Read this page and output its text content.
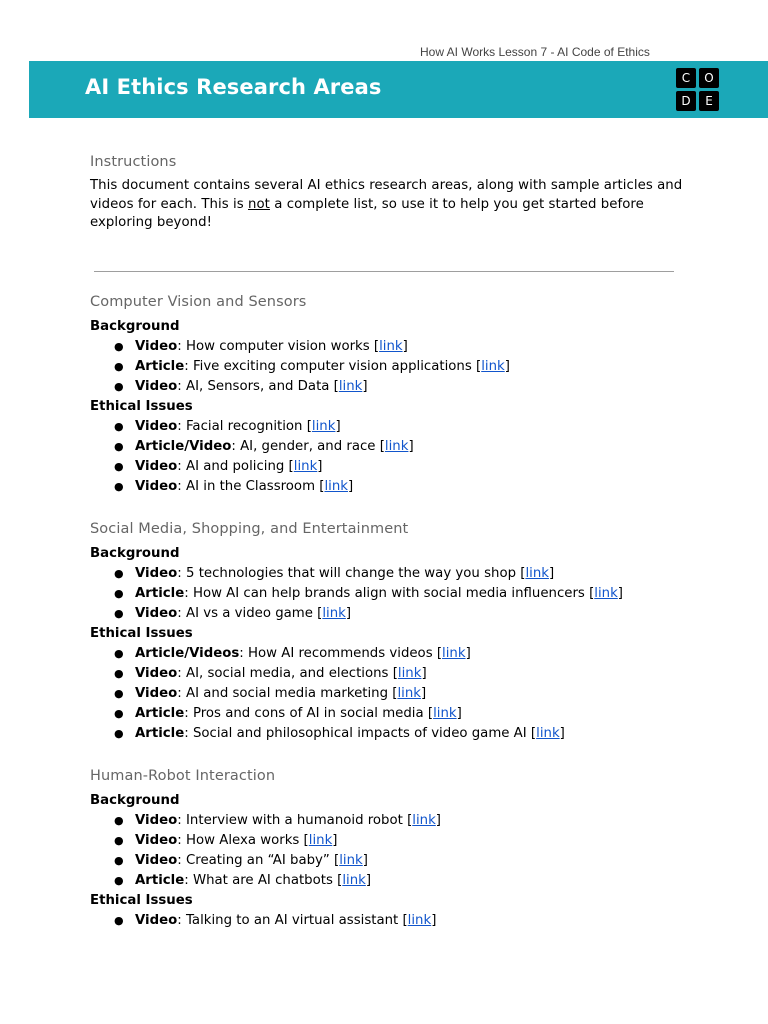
How AI Works Lesson 7 - AI Code of Ethics
AI Ethics Research Areas	C	O
D	E
Instructions

This document contains several AI ethics research areas, along with sample articles and videos for each. This is not a complete list, so use it to help you get started before exploring beyond!

Computer Vision and Sensors
Background
● Video: How computer vision works [link]
● Article: Five exciting computer vision applications [link]
● Video: AI, Sensors, and Data [link]
Ethical Issues
● Video: Facial recognition [link]
● Article/Video: AI, gender, and race [link]
● Video: AI and policing [link]
● Video: AI in the Classroom [link]
Social Media, Shopping, and Entertainment
Background
● Video: 5 technologies that will change the way you shop [link]
● Article: How AI can help brands align with social media influencers [link]
● Video: AI vs a video game [link]
Ethical Issues
● Article/Videos: How AI recommends videos [link]
● Video: AI, social media, and elections [link]
● Video: AI and social media marketing [link]
● Article: Pros and cons of AI in social media [link]
● Article: Social and philosophical impacts of video game AI [link]
Human-Robot Interaction
Background
● Video: Interview with a humanoid robot [link]
● Video: How Alexa works [link]
● Video: Creating an “AI baby” [link]
● Article: What are AI chatbots [link]
Ethical Issues
● Video: Talking to an AI virtual assistant [link]
